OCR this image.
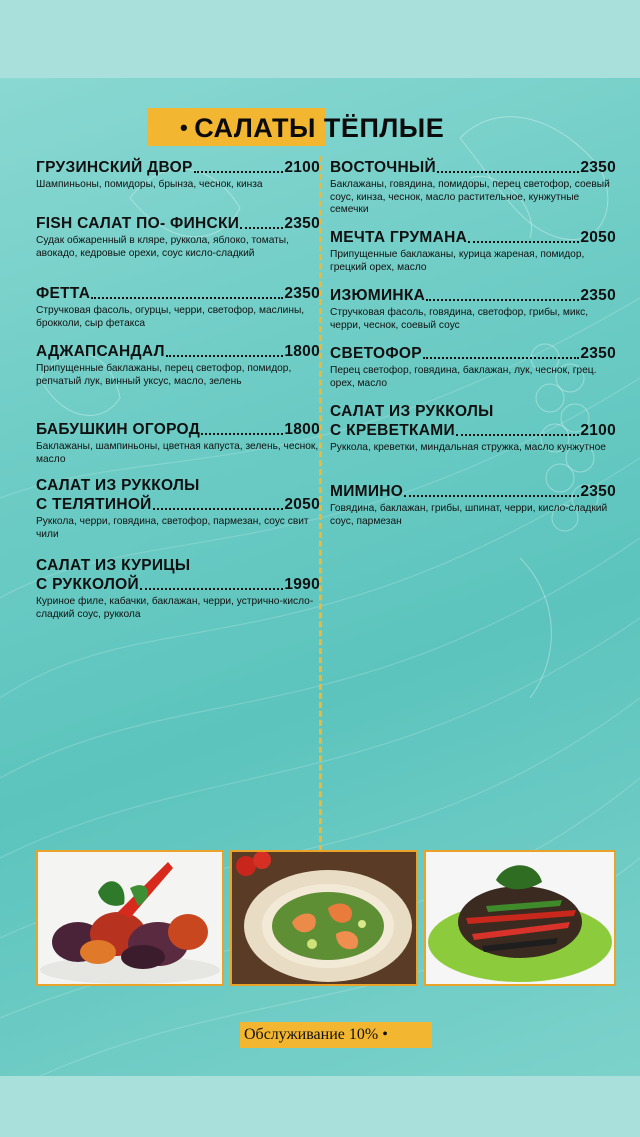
• САЛАТЫ ТЁПЛЫЕ
ГРУЗИНСКИЙ ДВОР	2100
Шампиньоны, помидоры, брынза, чеснок, кинза
FISH САЛАТ ПО- ФИНСКИ	2350
Судак обжаренный в кляре, руккола, яблоко, томаты, авокадо, кедровые орехи, соус кисло-сладкий
ФЕТТА	2350
Стручковая фасоль, огурцы, черри, светофор, маслины, брокколи, сыр фетакса
АДЖАПСАНДАЛ	1800
Припущенные баклажаны, перец светофор, помидор, репчатый лук, винный уксус, масло, зелень
БАБУШКИН ОГОРОД	1800
Баклажаны, шампиньоны, цветная капуста, зелень, чеснок, масло
САЛАТ ИЗ РУККОЛЫ
С ТЕЛЯТИНОЙ	2050
Руккола, черри, говядина, светофор, пармезан, соус свит чили
САЛАТ ИЗ КУРИЦЫ
С РУККОЛОЙ	1990
Куриное филе, кабачки, баклажан, черри, устрично-кисло-сладкий соус, руккола
ВОСТОЧНЫЙ	2350
Баклажаны, говядина, помидоры, перец светофор, соевый соус, кинза, чеснок, масло растительное, кунжутные семечки
МЕЧТА ГРУМАНА	2050
Припущенные баклажаны, курица жареная, помидор, грецкий орех, масло
ИЗЮМИНКА	2350
Стручковая фасоль, говядина, светофор, грибы, микс, черри, чеснок, соевый соус
СВЕТОФОР	2350
Перец светофор, говядина, баклажан, лук, чеснок, грец. орех, масло
САЛАТ ИЗ РУККОЛЫ
С КРЕВЕТКАМИ	2100
Руккола, креветки, миндальная стружка, масло кунжутное
МИМИНО	2350
Говядина, баклажан, грибы, шпинат, черри, кисло-сладкий соус, пармезан
Обслуживание 10% •
